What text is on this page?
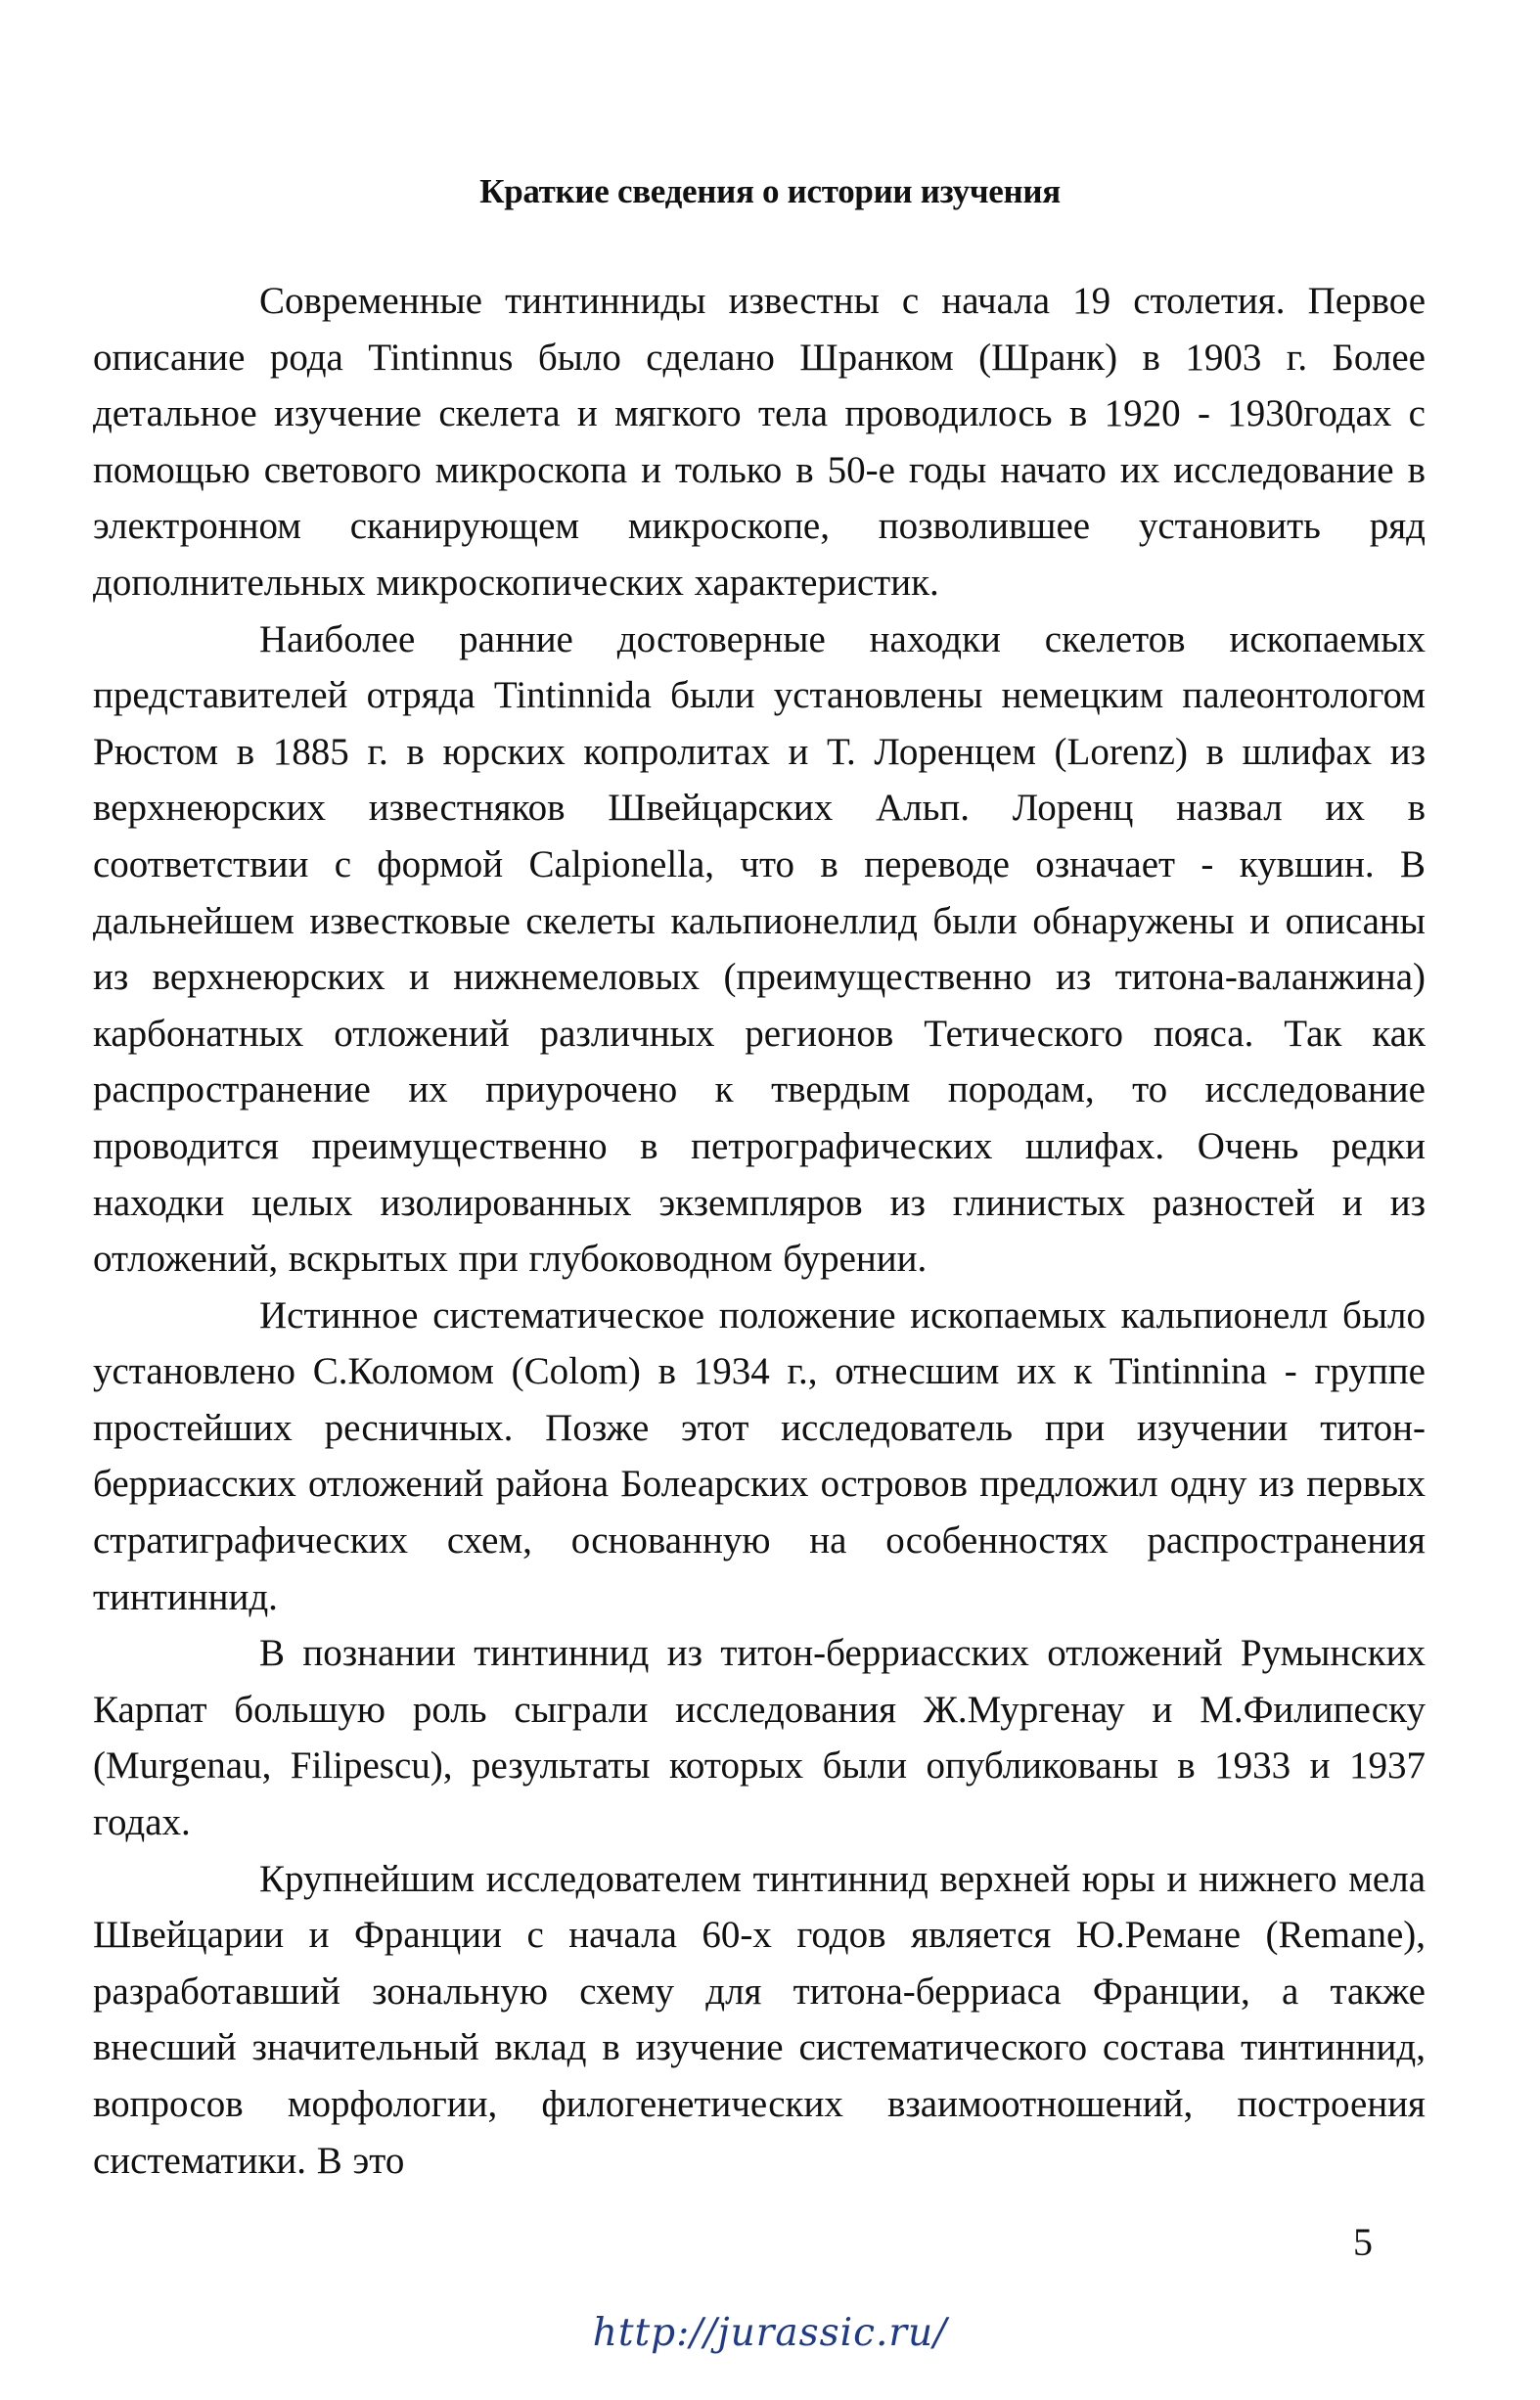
Краткие сведения о истории изучения

Современные тинтинниды известны с начала 19 столетия. Первое описание рода Tintinnus было сделано Шранком (Шранк) в 1903 г. Более детальное изучение скелета и мягкого тела проводилось в 1920 - 1930годах с помощью светового микроскопа и только в 50-е годы начато их исследование в электронном сканирующем микроскопе, позволившее установить ряд дополнительных микроскопических характеристик.

Наиболее ранние достоверные находки скелетов ископаемых представителей отряда Tintinnida были установлены немецким палеонтологом Рюстом в 1885 г. в юрских копролитах и Т. Лоренцем (Lorenz) в шлифах из верхнеюрских известняков Швейцарских Альп. Лоренц назвал их в соответствии с формой Calpionella, что в переводе означает - кувшин. В дальнейшем известковые скелеты кальпионеллид были обнаружены и описаны из верхнеюрских и нижнемеловых (преимущественно из титона-валанжина) карбонатных отложений различных регионов Тетического пояса. Так как распространение их приурочено к твердым породам, то исследование проводится преимущественно в петрографических шлифах. Очень редки находки целых изолированных экземпляров из глинистых разностей и из отложений, вскрытых при глубоководном бурении.

Истинное систематическое положение ископаемых кальпионелл было установлено С.Коломом (Colom) в 1934 г., отнесшим их к Tintinnina - группе простейших ресничных. Позже этот исследователь при изучении титон-берриасских отложений района Болеарских островов предложил одну из первых стратиграфических схем, основанную на особенностях распространения тинтиннид.

В познании тинтиннид из титон-берриасских отложений Румынских Карпат большую роль сыграли исследования Ж.Мургенау и М.Филипеску (Murgenau, Filipescu), результаты которых были опубликованы в 1933 и 1937 годах.

Крупнейшим исследователем тинтиннид верхней юры и нижнего мела Швейцарии и Франции с начала 60-х годов является Ю.Ремане (Remane), разработавший зональную схему для титона-берриаса Франции, а также внесший значительный вклад в изучение систематического состава тинтиннид, вопросов морфологии, филогенетических взаимоотношений, построения систематики. В это

5
http://jurassic.ru/
